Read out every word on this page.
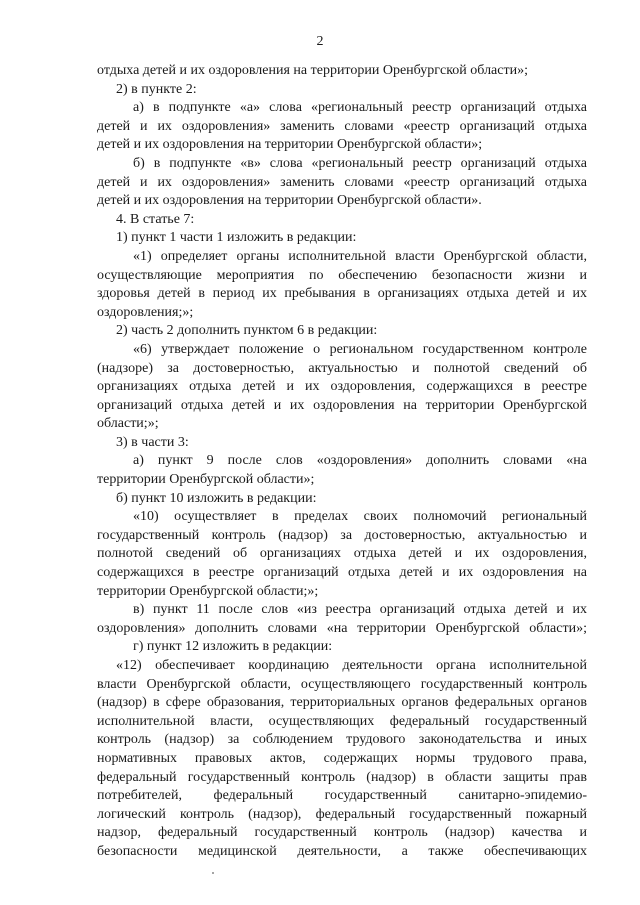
2
отдыха детей и их оздоровления на территории Оренбургской области»;
2) в пункте 2:
а) в подпункте «а» слова «региональный реестр организаций отдыха
детей и их оздоровления» заменить словами «реестр организаций отдыха
детей и их оздоровления на территории Оренбургской области»;
б) в подпункте «в» слова «региональный реестр организаций отдыха
детей и их оздоровления» заменить словами «реестр организаций отдыха
детей и их оздоровления на территории Оренбургской области».
4. В статье 7:
1) пункт 1 части 1 изложить в редакции:
«1) определяет органы исполнительной власти Оренбургской области,
осуществляющие мероприятия по обеспечению безопасности жизни и
здоровья детей в период их пребывания в организациях отдыха детей и их
оздоровления;»;
2) часть 2 дополнить пунктом 6 в редакции:
«6) утверждает положение о региональном государственном контроле
(надзоре) за достоверностью, актуальностью и полнотой сведений об
организациях отдыха детей и их оздоровления, содержащихся в реестре
организаций отдыха детей и их оздоровления на территории Оренбургской
области;»;
3) в части 3:
а) пункт 9 после слов «оздоровления» дополнить словами «на
территории Оренбургской области»;
б) пункт 10 изложить в редакции:
«10) осуществляет в пределах своих полномочий региональный
государственный контроль (надзор) за достоверностью, актуальностью и
полнотой сведений об организациях отдыха детей и их оздоровления,
содержащихся в реестре организаций отдыха детей и их оздоровления на
территории Оренбургской области;»;
в) пункт 11 после слов «из реестра организаций отдыха детей и их
оздоровления» дополнить словами «на территории Оренбургской области»;
г) пункт 12 изложить в редакции:
«12) обеспечивает координацию деятельности органа исполнительной
власти Оренбургской области, осуществляющего государственный контроль
(надзор) в сфере образования, территориальных органов федеральных органов
исполнительной власти, осуществляющих федеральный государственный
контроль (надзор) за соблюдением трудового законодательства и иных
нормативных правовых актов, содержащих нормы трудового права,
федеральный государственный контроль (надзор) в области защиты прав
потребителей, федеральный государственный санитарно-эпидемио-
логический контроль (надзор), федеральный государственный пожарный
надзор, федеральный государственный контроль (надзор) качества и
безопасности медицинской деятельности, а также обеспечивающих
